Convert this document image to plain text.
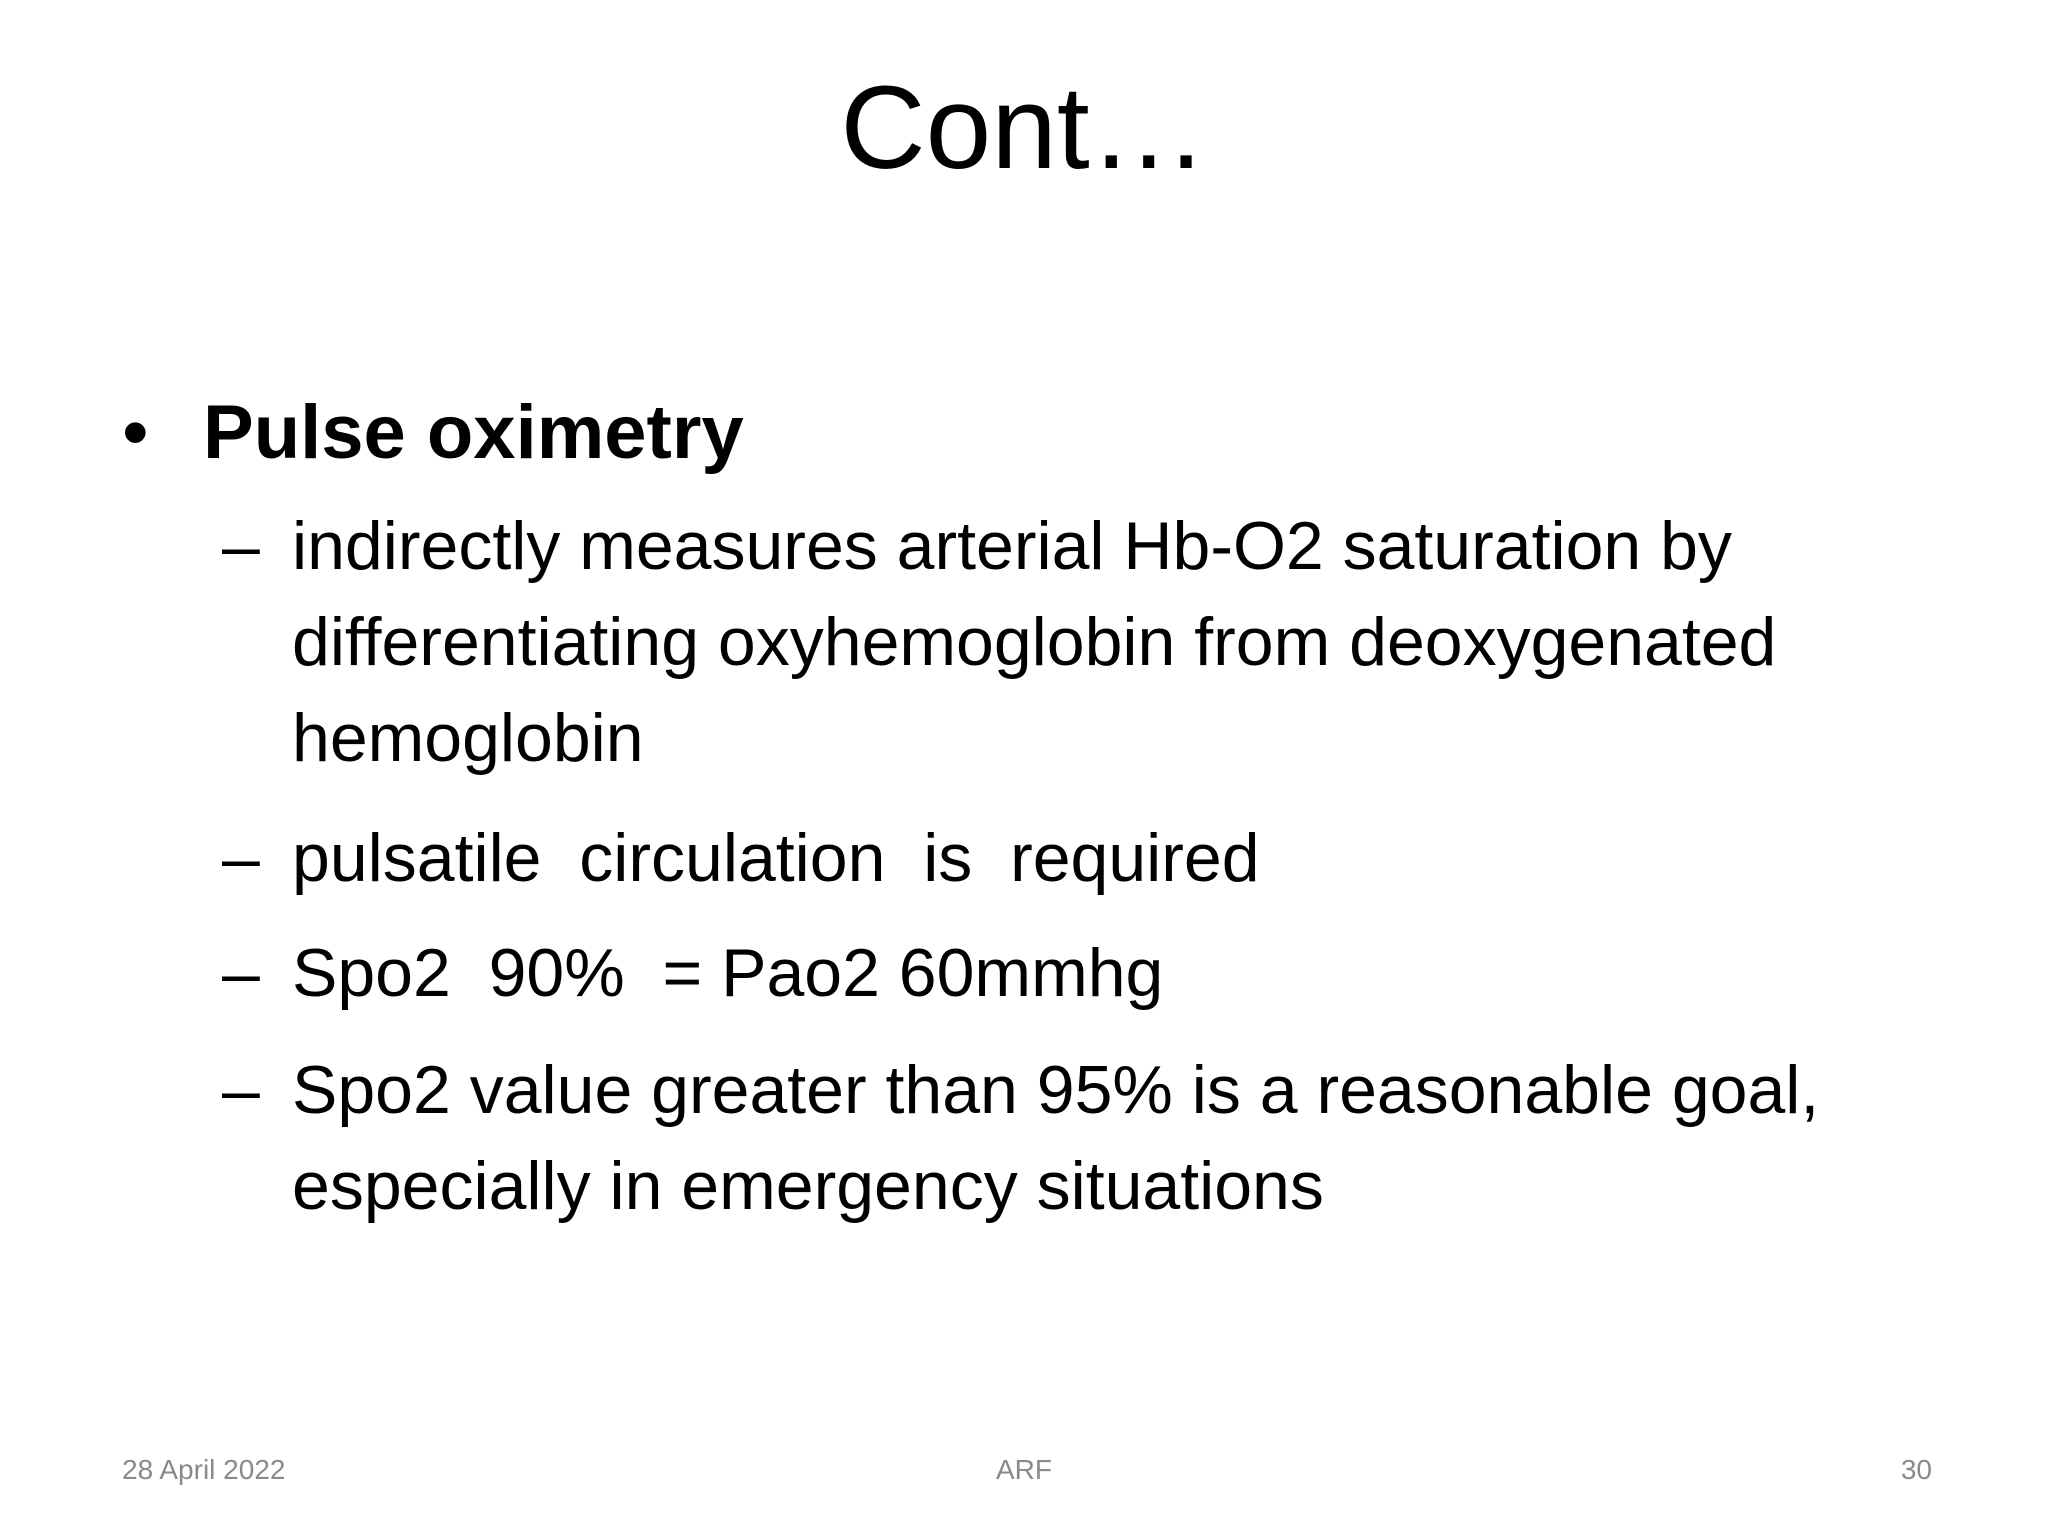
Cont…
• Pulse oximetry
– indirectly measures arterial Hb-O2 saturation by differentiating oxyhemoglobin from deoxygenated hemoglobin
– pulsatile  circulation  is  required
– Spo2  90%  = Pao2 60mmhg
– Spo2 value greater than 95% is a reasonable goal, especially in emergency situations
28 April 2022	ARF	30
